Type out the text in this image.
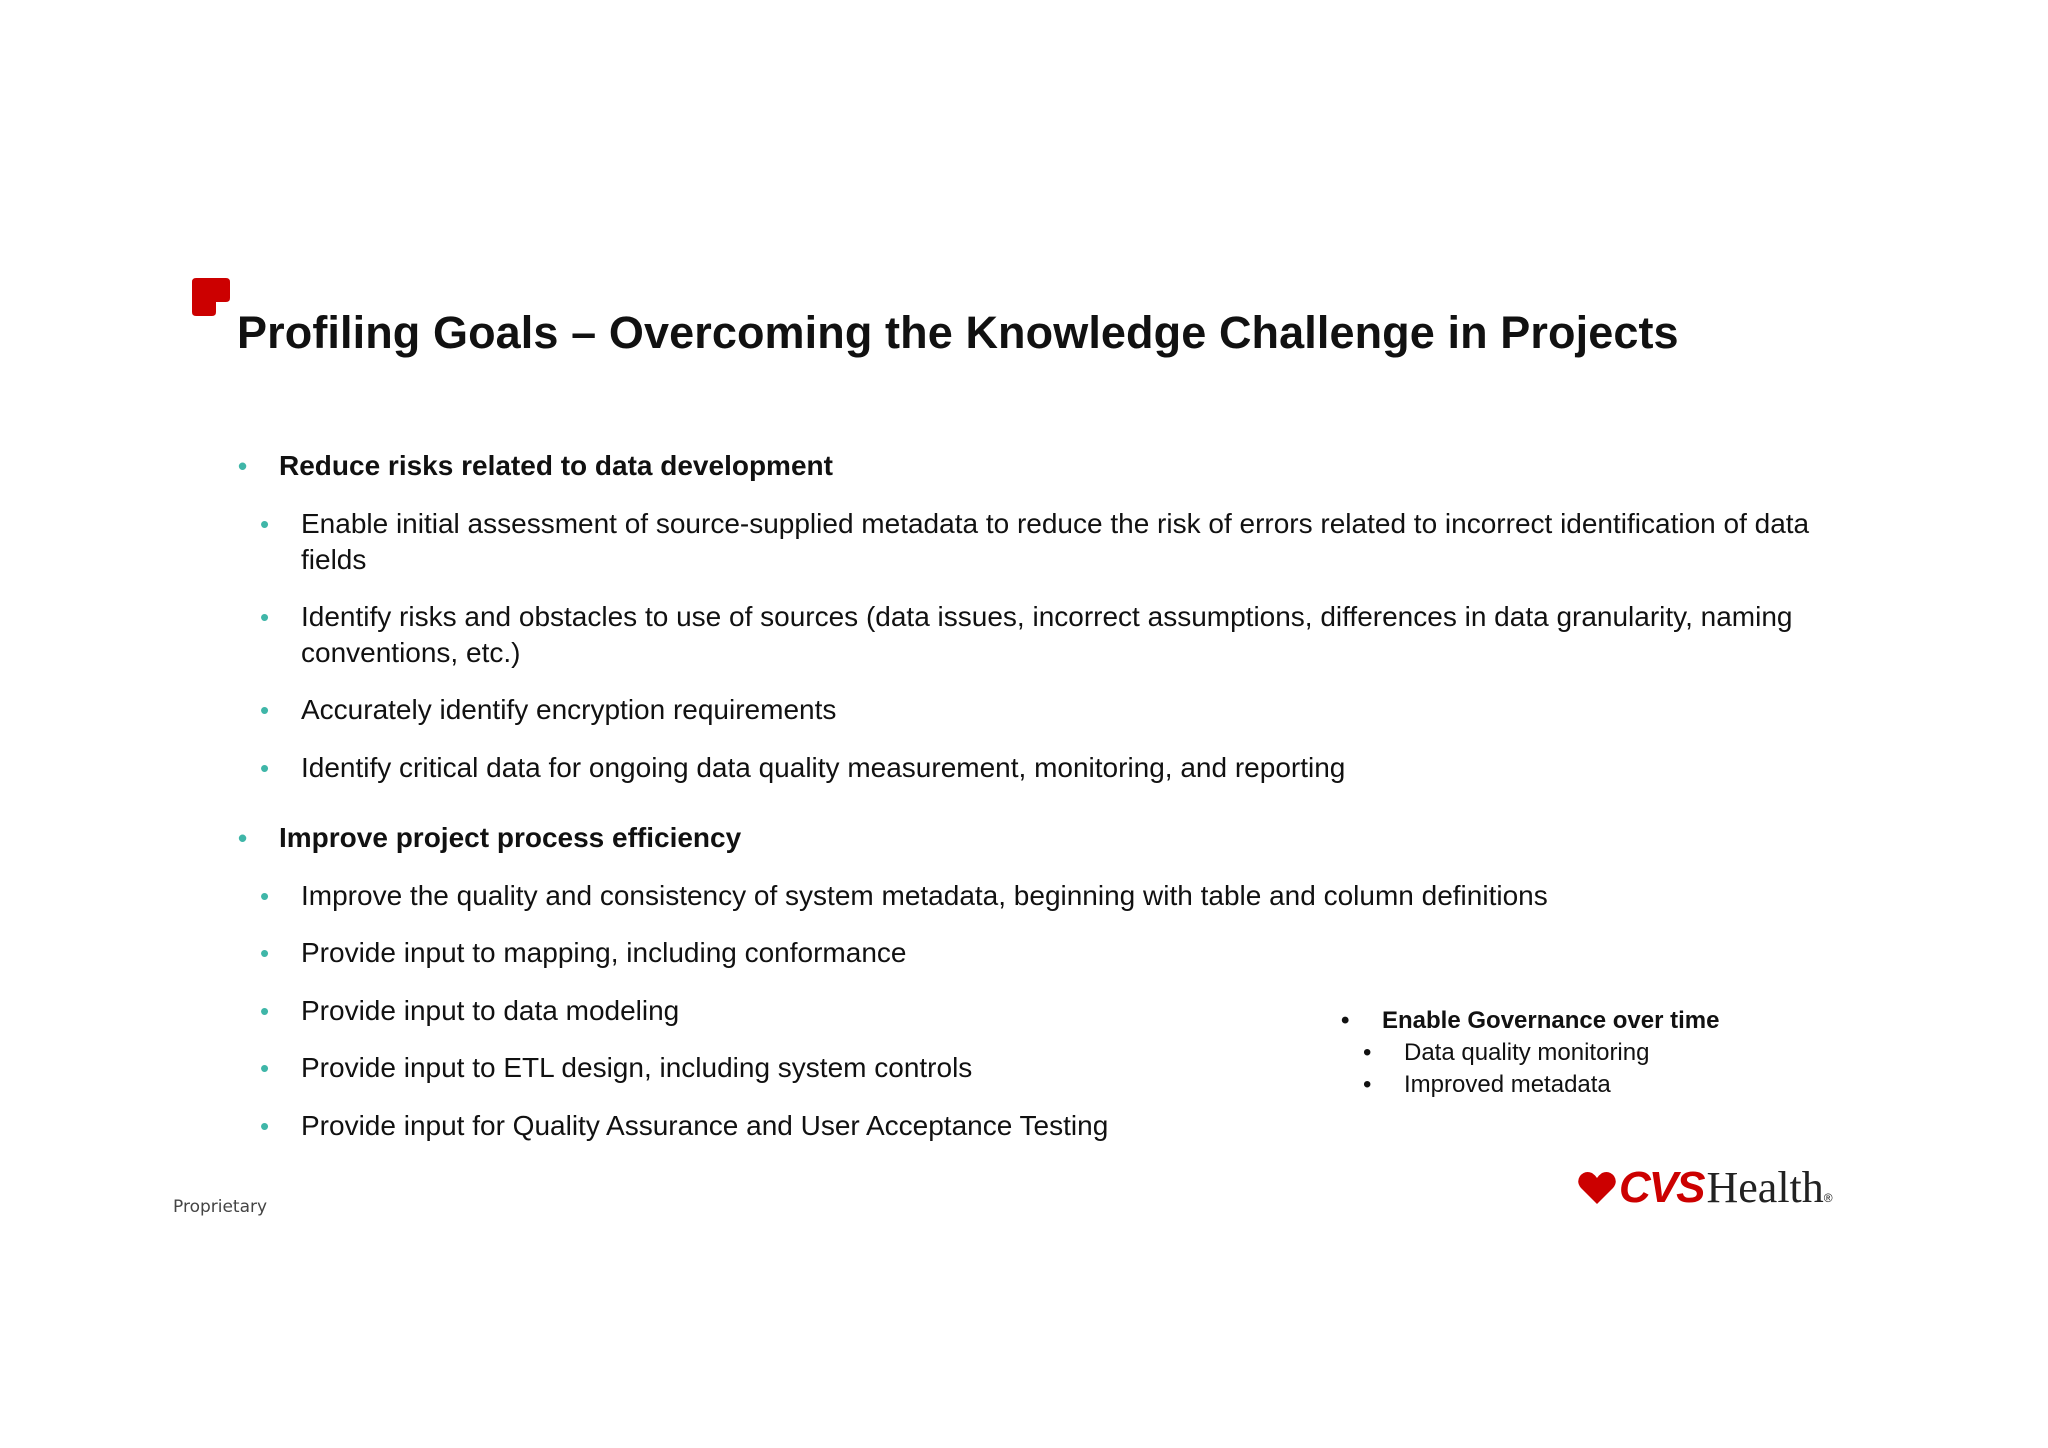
Profiling Goals – Overcoming the Knowledge Challenge in Projects
• Reduce risks related to data development
• Enable initial assessment of source-supplied metadata to reduce the risk of errors related to incorrect identification of data fields
• Identify risks and obstacles to use of sources (data issues, incorrect assumptions, differences in data granularity, naming conventions, etc.)
• Accurately identify encryption requirements
• Identify critical data for ongoing data quality measurement, monitoring, and reporting
• Improve project process efficiency
• Improve the quality and consistency of system metadata, beginning with table and column definitions
• Provide input to mapping, including conformance
• Provide input to data modeling
• Provide input to ETL design, including system controls
• Provide input for Quality Assurance and User Acceptance Testing
• Enable Governance over time
• Data quality monitoring
• Improved metadata
Proprietary	CVS Health ®
